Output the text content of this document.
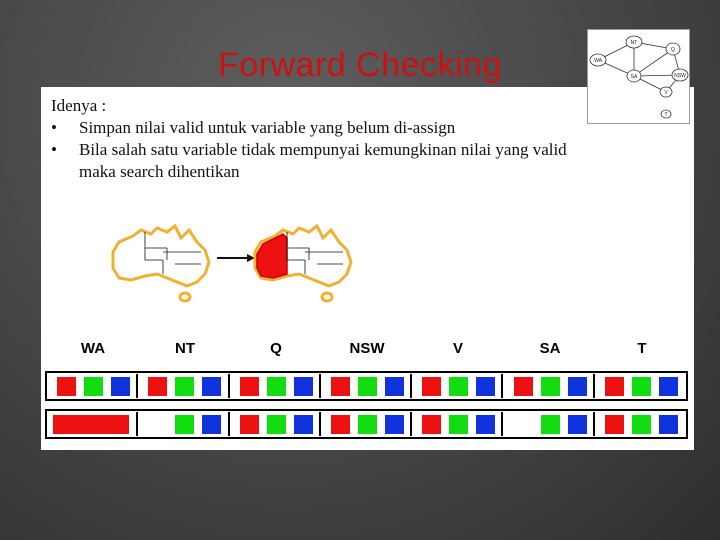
Forward Checking
NT
Q
WA
SA	NSW
V
T
Idenya :
• Simpan nilai valid untuk variable yang belum di-assign
• Bila salah satu variable tidak mempunyai kemungkinan nilai yang valid
maka search dihentikan
WA	NT	Q	NSW	V	SA	T
